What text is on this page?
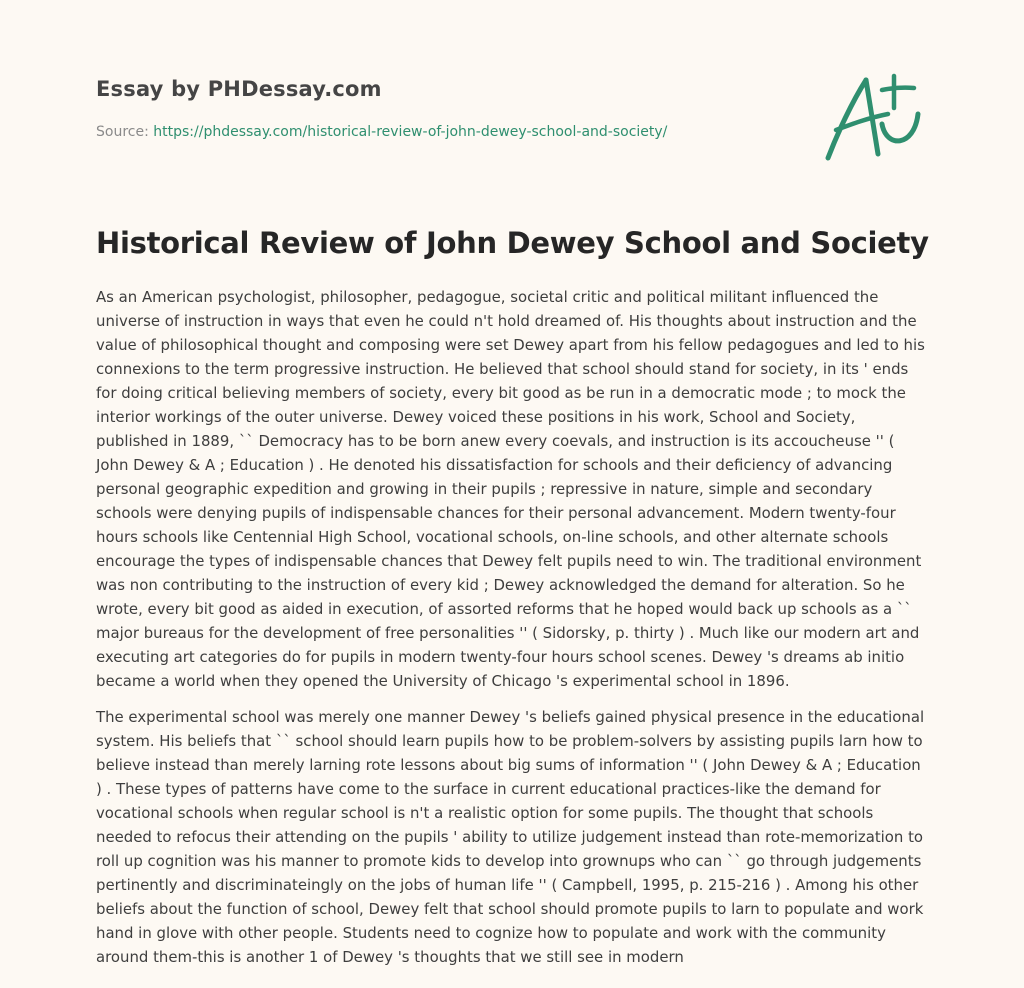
Essay by PHDessay.com
Source: https://phdessay.com/historical-review-of-john-dewey-school-and-society/
Historical Review of John Dewey School and Society

As an American psychologist, philosopher, pedagogue, societal critic and political militant influenced the universe of instruction in ways that even he could n't hold dreamed of. His thoughts about instruction and the value of philosophical thought and composing were set Dewey apart from his fellow pedagogues and led to his connexions to the term progressive instruction. He believed that school should stand for society, in its ' ends for doing critical believing members of society, every bit good as be run in a democratic mode ; to mock the interior workings of the outer universe. Dewey voiced these positions in his work, School and Society, published in 1889, `` Democracy has to be born anew every coevals, and instruction is its accoucheuse '' ( John Dewey & A ; Education ) . He denoted his dissatisfaction for schools and their deficiency of advancing personal geographic expedition and growing in their pupils ; repressive in nature, simple and secondary schools were denying pupils of indispensable chances for their personal advancement. Modern twenty-four hours schools like Centennial High School, vocational schools, on-line schools, and other alternate schools encourage the types of indispensable chances that Dewey felt pupils need to win. The traditional environment was non contributing to the instruction of every kid ; Dewey acknowledged the demand for alteration. So he wrote, every bit good as aided in execution, of assorted reforms that he hoped would back up schools as a `` major bureaus for the development of free personalities '' ( Sidorsky, p. thirty ) . Much like our modern art and executing art categories do for pupils in modern twenty-four hours school scenes. Dewey 's dreams ab initio became a world when they opened the University of Chicago 's experimental school in 1896.

The experimental school was merely one manner Dewey 's beliefs gained physical presence in the educational system. His beliefs that `` school should learn pupils how to be problem-solvers by assisting pupils larn how to believe instead than merely larning rote lessons about big sums of information '' ( John Dewey & A ; Education ) . These types of patterns have come to the surface in current educational practices-like the demand for vocational schools when regular school is n't a realistic option for some pupils. The thought that schools needed to refocus their attending on the pupils ' ability to utilize judgement instead than rote-memorization to roll up cognition was his manner to promote kids to develop into grownups who can `` go through judgements pertinently and discriminateingly on the jobs of human life '' ( Campbell, 1995, p. 215-216 ) . Among his other beliefs about the function of school, Dewey felt that school should promote pupils to larn to populate and work hand in glove with other people. Students need to cognize how to populate and work with the community around them-this is another 1 of Dewey 's thoughts that we still see in modern
